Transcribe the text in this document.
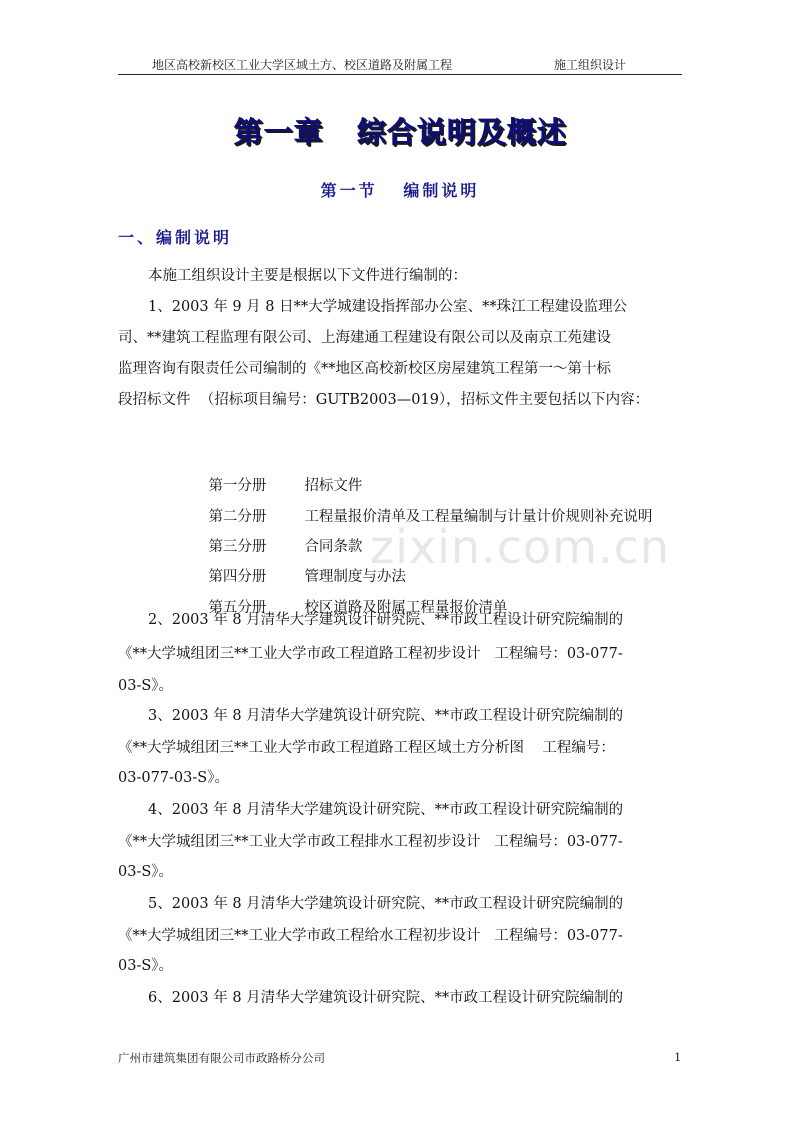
地区高校新校区工业大学区域土方、校区道路及附属工程	施工组织设计
第一章   综合说明及概述
第一节   编制说明
一、编制说明
本施工组织设计主要是根据以下文件进行编制的：
1、2003 年 9 月 8 日**大学城建设指挥部办公室、**珠江工程建设监理公
司、**建筑工程监理有限公司、上海建通工程建设有限公司以及南京工苑建设
监理咨询有限责任公司编制的《**地区高校新校区房屋建筑工程第一～第十标
段招标文件  （招标项目编号：GUTB2003—019），招标文件主要包括以下内容：

第一分册	招标文件

第二分册	工程量报价清单及工程量编制与计量计价规则补充说明

第三分册	合同条款

第四分册	管理制度与办法

第五分册	校区道路及附属工程量报价清单

2、2003 年 8 月清华大学建筑设计研究院、**市政工程设计研究院编制的
《**大学城组团三**工业大学市政工程道路工程初步设计   工程编号：03-077-
03-S》。
3、2003 年 8 月清华大学建筑设计研究院、**市政工程设计研究院编制的
《**大学城组团三**工业大学市政工程道路工程区域土方分析图    工程编号：
03-077-03-S》。
4、2003 年 8 月清华大学建筑设计研究院、**市政工程设计研究院编制的
《**大学城组团三**工业大学市政工程排水工程初步设计   工程编号：03-077-
03-S》。
5、2003 年 8 月清华大学建筑设计研究院、**市政工程设计研究院编制的
《**大学城组团三**工业大学市政工程给水工程初步设计   工程编号：03-077-
03-S》。
6、2003 年 8 月清华大学建筑设计研究院、**市政工程设计研究院编制的
zixin.com.cn
广州市建筑集团有限公司市政路桥分公司	1
